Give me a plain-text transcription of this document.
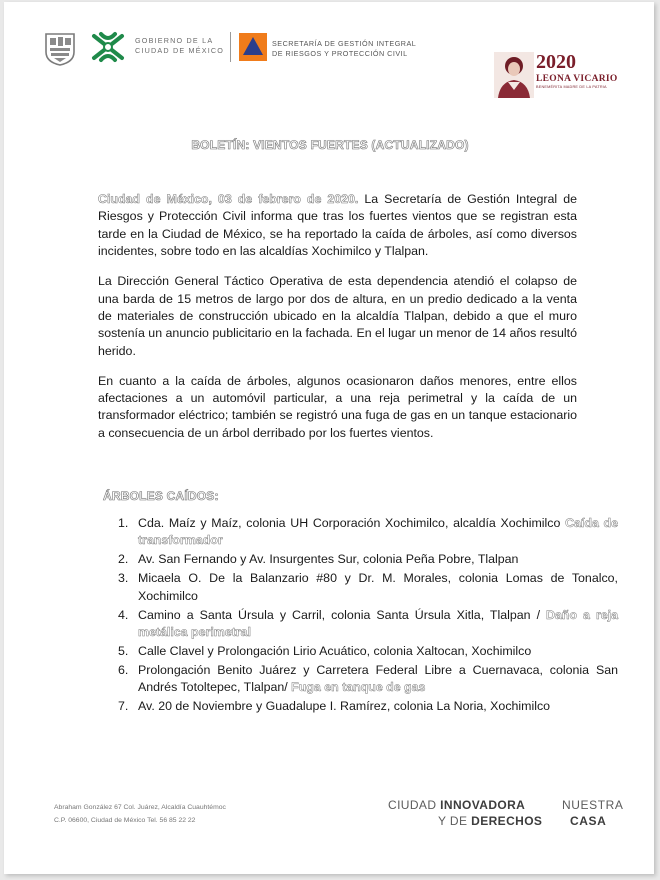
GOBIERNO DE LA
CIUDAD DE MÉXICO
SECRETARÍA DE GESTIÓN INTEGRAL
DE RIESGOS Y PROTECCIÓN CIVIL	2020
LEONA VICARIO
BENEMÉRITA MADRE DE LA PATRIA
BOLETÍN: VIENTOS FUERTES (ACTUALIZADO)

Ciudad de México, 03 de febrero de 2020. La Secretaría de Gestión Integral de Riesgos y Protección Civil informa que tras los fuertes vientos que se registran esta tarde en la Ciudad de México, se ha reportado la caída de árboles, así como diversos incidentes, sobre todo en las alcaldías Xochimilco y Tlalpan.

La Dirección General Táctico Operativa de esta dependencia atendió el colapso de una barda de 15 metros de largo por dos de altura, en un predio dedicado a la venta de materiales de construcción ubicado en la alcaldía Tlalpan, debido a que el muro sostenía un anuncio publicitario en la fachada. En el lugar un menor de 14 años resultó herido.

En cuanto a la caída de árboles, algunos ocasionaron daños menores, entre ellos afectaciones a un automóvil particular, a una reja perimetral y la caída de un transformador eléctrico; también se registró una fuga de gas en un tanque estacionario a consecuencia de un árbol derribado por los fuertes vientos.

ÁRBOLES CAÍDOS:
1. Cda. Maíz y Maíz, colonia UH Corporación Xochimilco, alcaldía Xochimilco Caída de transformador
2. Av. San Fernando y Av. Insurgentes Sur, colonia Peña Pobre, Tlalpan
3. Micaela O. De la Balanzario #80 y Dr. M. Morales, colonia Lomas de Tonalco, Xochimilco
4. Camino a Santa Úrsula y Carril, colonia Santa Úrsula Xitla, Tlalpan / Daño a reja metálica perimetral
5. Calle Clavel y Prolongación Lirio Acuático, colonia Xaltocan, Xochimilco
6. Prolongación Benito Juárez y Carretera Federal Libre a Cuernavaca, colonia San Andrés Totoltepec, Tlalpan/ Fuga en tanque de gas
7. Av. 20 de Noviembre y Guadalupe I. Ramírez, colonia La Noria, Xochimilco
Abraham González 67 Col. Juárez, Alcaldía Cuauhtémoc
C.P. 06600, Ciudad de México Tel. 56 85 22 22
CIUDAD INNOVADORA
Y DE DERECHOS
NUESTRA
CASA
